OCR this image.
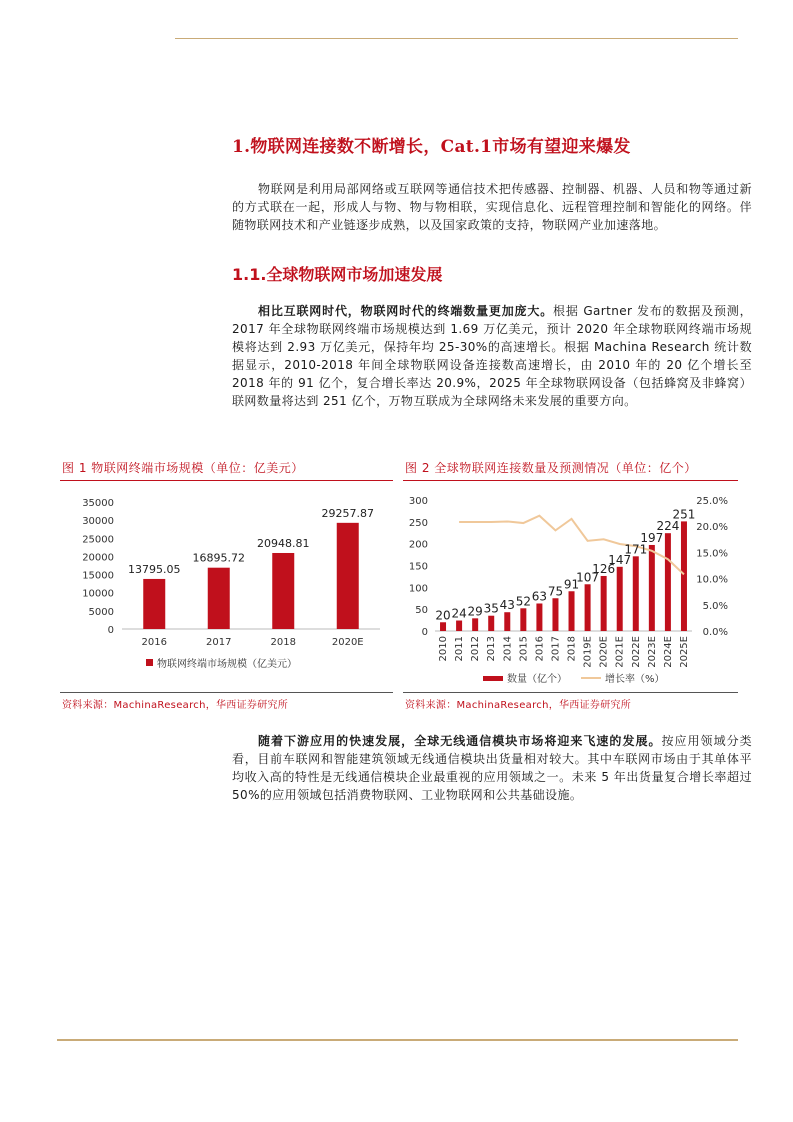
1.物联网连接数不断增长，Cat.1市场有望迎来爆发

物联网是利用局部网络或互联网等通信技术把传感器、控制器、机器、人员和物等通过新的方式联在一起，形成人与物、物与物相联，实现信息化、远程管理控制和智能化的网络。伴随物联网技术和产业链逐步成熟，以及国家政策的支持，物联网产业加速落地。

1.1.全球物联网市场加速发展

相比互联网时代，物联网时代的终端数量更加庞大。根据 Gartner 发布的数据及预测，2017 年全球物联网终端市场规模达到 1.69 万亿美元，预计 2020 年全球物联网终端市场规模将达到 2.93 万亿美元，保持年均 25-30%的高速增长。根据 Machina Research 统计数据显示，2010-2018 年间全球物联网设备连接数高速增长，由 2010 年的 20 亿个增长至 2018 年的 91 亿个，复合增长率达 20.9%，2025 年全球物联网设备（包括蜂窝及非蜂窝）联网数量将达到 251 亿个，万物互联成为全球网络未来发展的重要方向。

图 1 物联网终端市场规模（单位：亿美元）	图 2 全球物联网连接数量及预测情况（单位：亿个）

0
5000
10000
15000
20000
25000
30000
35000
13795.05
2016
16895.72
2017
20948.81
2018
29257.87
2020E
物联网终端市场规模（亿美元）
0
50
100
150
200
250
300
0.0%
5.0%
10.0%
15.0%
20.0%
25.0%
2010 2011 2012 2013 2014 2015 2016 2017 2018 2019E 2020E 2021E 2022E 2023E 2024E 2025E
20 24 29 35 43 52 63 75 91
107
126
147
171
197
224
251
数量（亿个）	增长率（%）

资料来源：MachinaResearch，华西证券研究所	资料来源：MachinaResearch，华西证券研究所

随着下游应用的快速发展，全球无线通信模块市场将迎来飞速的发展。按应用领域分类看，目前车联网和智能建筑领域无线通信模块出货量相对较大。其中车联网市场由于其单体平均收入高的特性是无线通信模块企业最重视的应用领域之一。未来 5 年出货量复合增长率超过 50%的应用领域包括消费物联网、工业物联网和公共基础设施。
